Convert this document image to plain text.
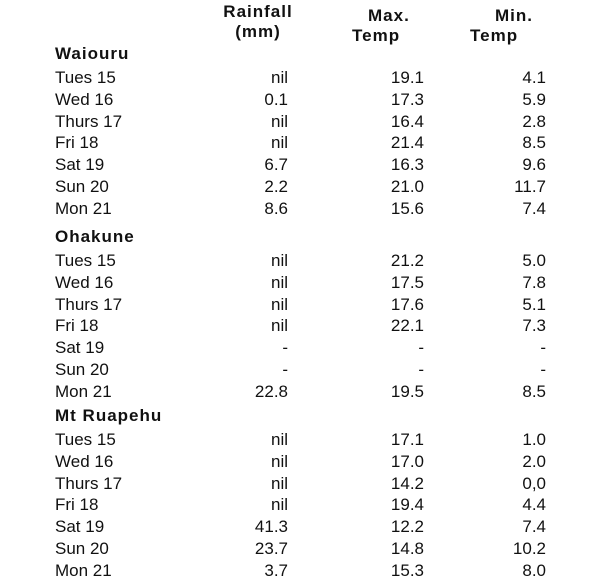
Rainfall
(mm)
Max.
Temp
Min.
Temp
Waiouru
Tues 15	nil	19.1	4.1
Wed 16	0.1	17.3	5.9
Thurs 17	nil	16.4	2.8
Fri 18	nil	21.4	8.5
Sat 19	6.7	16.3	9.6
Sun 20	2.2	21.0	11.7
Mon 21	8.6	15.6	7.4
Ohakune
Tues 15	nil	21.2	5.0
Wed 16	nil	17.5	7.8
Thurs 17	nil	17.6	5.1
Fri 18	nil	22.1	7.3
Sat 19	-	-	-
Sun 20	-	-	-
Mon 21	22.8	19.5	8.5
Mt Ruapehu
Tues 15	nil	17.1	1.0
Wed 16	nil	17.0	2.0
Thurs 17	nil	14.2	0,0
Fri 18	nil	19.4	4.4
Sat 19	41.3	12.2	7.4
Sun 20	23.7	14.8	10.2
Mon 21	3.7	15.3	8.0
